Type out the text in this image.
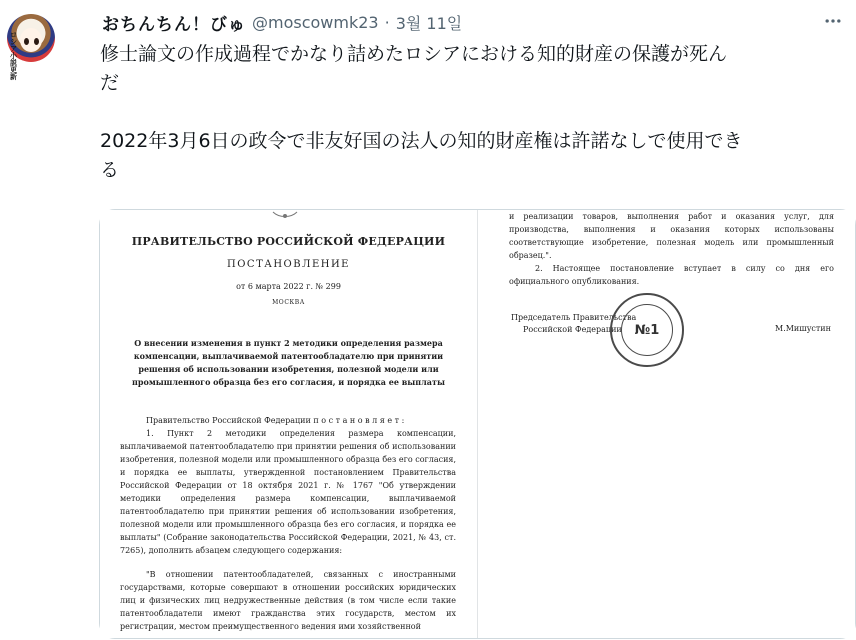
ロシア小説更新
おちんちん！びゅ @moscowmk23 · 3월 11일

修士論文の作成過程でかなり詰めたロシアにおける知的財産の保護が死ん

だ

2022年3月6日の政令で非友好国の法人の知的財産権は許諾なしで使用でき

る

ПРАВИТЕЛЬСТВО РОССИЙСКОЙ ФЕДЕРАЦИИ
ПОСТАНОВЛЕНИЕ
от 6 марта 2022 г. № 299
МОСКВА
О внесении изменения в пункт 2 методики определения размера компенсации, выплачиваемой патентообладателю при принятии решения об использовании изобретения, полезной модели или промышленного образца без его согласия, и порядка ее выплаты
Правительство Российской Федерации п о с т а н о в л я е т :
1. Пункт 2 методики определения размера компенсации, выплачиваемой патентообладателю при принятии решения об использовании изобретения, полезной модели или промышленного образца без его согласия, и порядка ее выплаты, утвержденной постановлением Правительства Российской Федерации от 18 октября 2021 г. № 1767 "Об утверждении методики определения размера компенсации, выплачиваемой патентообладателю при принятии решения об использовании изобретения, полезной модели или промышленного образца без его согласия, и порядка ее выплаты" (Собрание законодательства Российской Федерации, 2021, № 43, ст. 7265), дополнить абзацем следующего содержания:
"В отношении патентообладателей, связанных с иностранными государствами, которые совершают в отношении российских юридических лиц и физических лиц недружественные действия (в том числе если такие патентообладатели имеют гражданства этих государств, местом их регистрации, местом преимущественного ведения ими хозяйственной
и реализации товаров, выполнения работ и оказания услуг, для производства, выполнения и оказания которых использованы соответствующие изобретение, полезная модель или промышленный образец.".
2. Настоящее постановление вступает в силу со дня его официального опубликования.
Председатель Правительства
Российской Федерации №1	М.Мишустин
